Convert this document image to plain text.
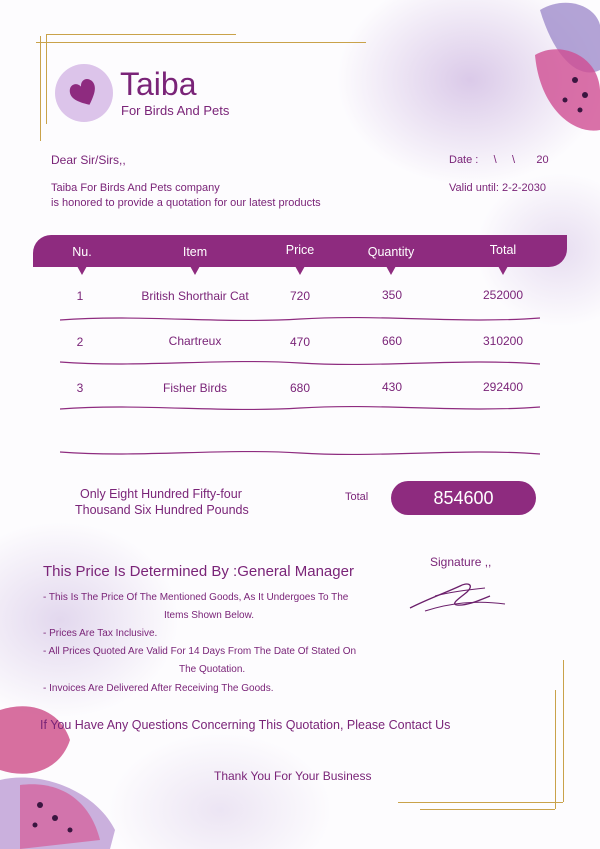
Taiba
For Birds And Pets
Dear Sir/Sirs,,	Date :     \     \       20
Taiba For Birds And Pets company
is honored to provide a quotation for our latest products
Valid until: 2-2-2030
Nu.	Item	Price	Quantity	Total
1	British Shorthair Cat	720	350	252000
2	Chartreux	470	660	310200
3	Fisher Birds	680	430	292400
Only Eight Hundred Fifty-four
Thousand Six Hundred Pounds
Total	854600
Signature ,,
This Price Is Determined By :General Manager
- This Is The Price Of The Mentioned Goods, As It Undergoes To The
Items Shown Below.
- Prices Are Tax Inclusive.
- All Prices Quoted Are Valid For 14 Days From The Date Of Stated On
The Quotation.
- Invoices Are Delivered After Receiving The Goods.
If You Have Any Questions Concerning This Quotation, Please Contact Us
Thank You For Your Business
